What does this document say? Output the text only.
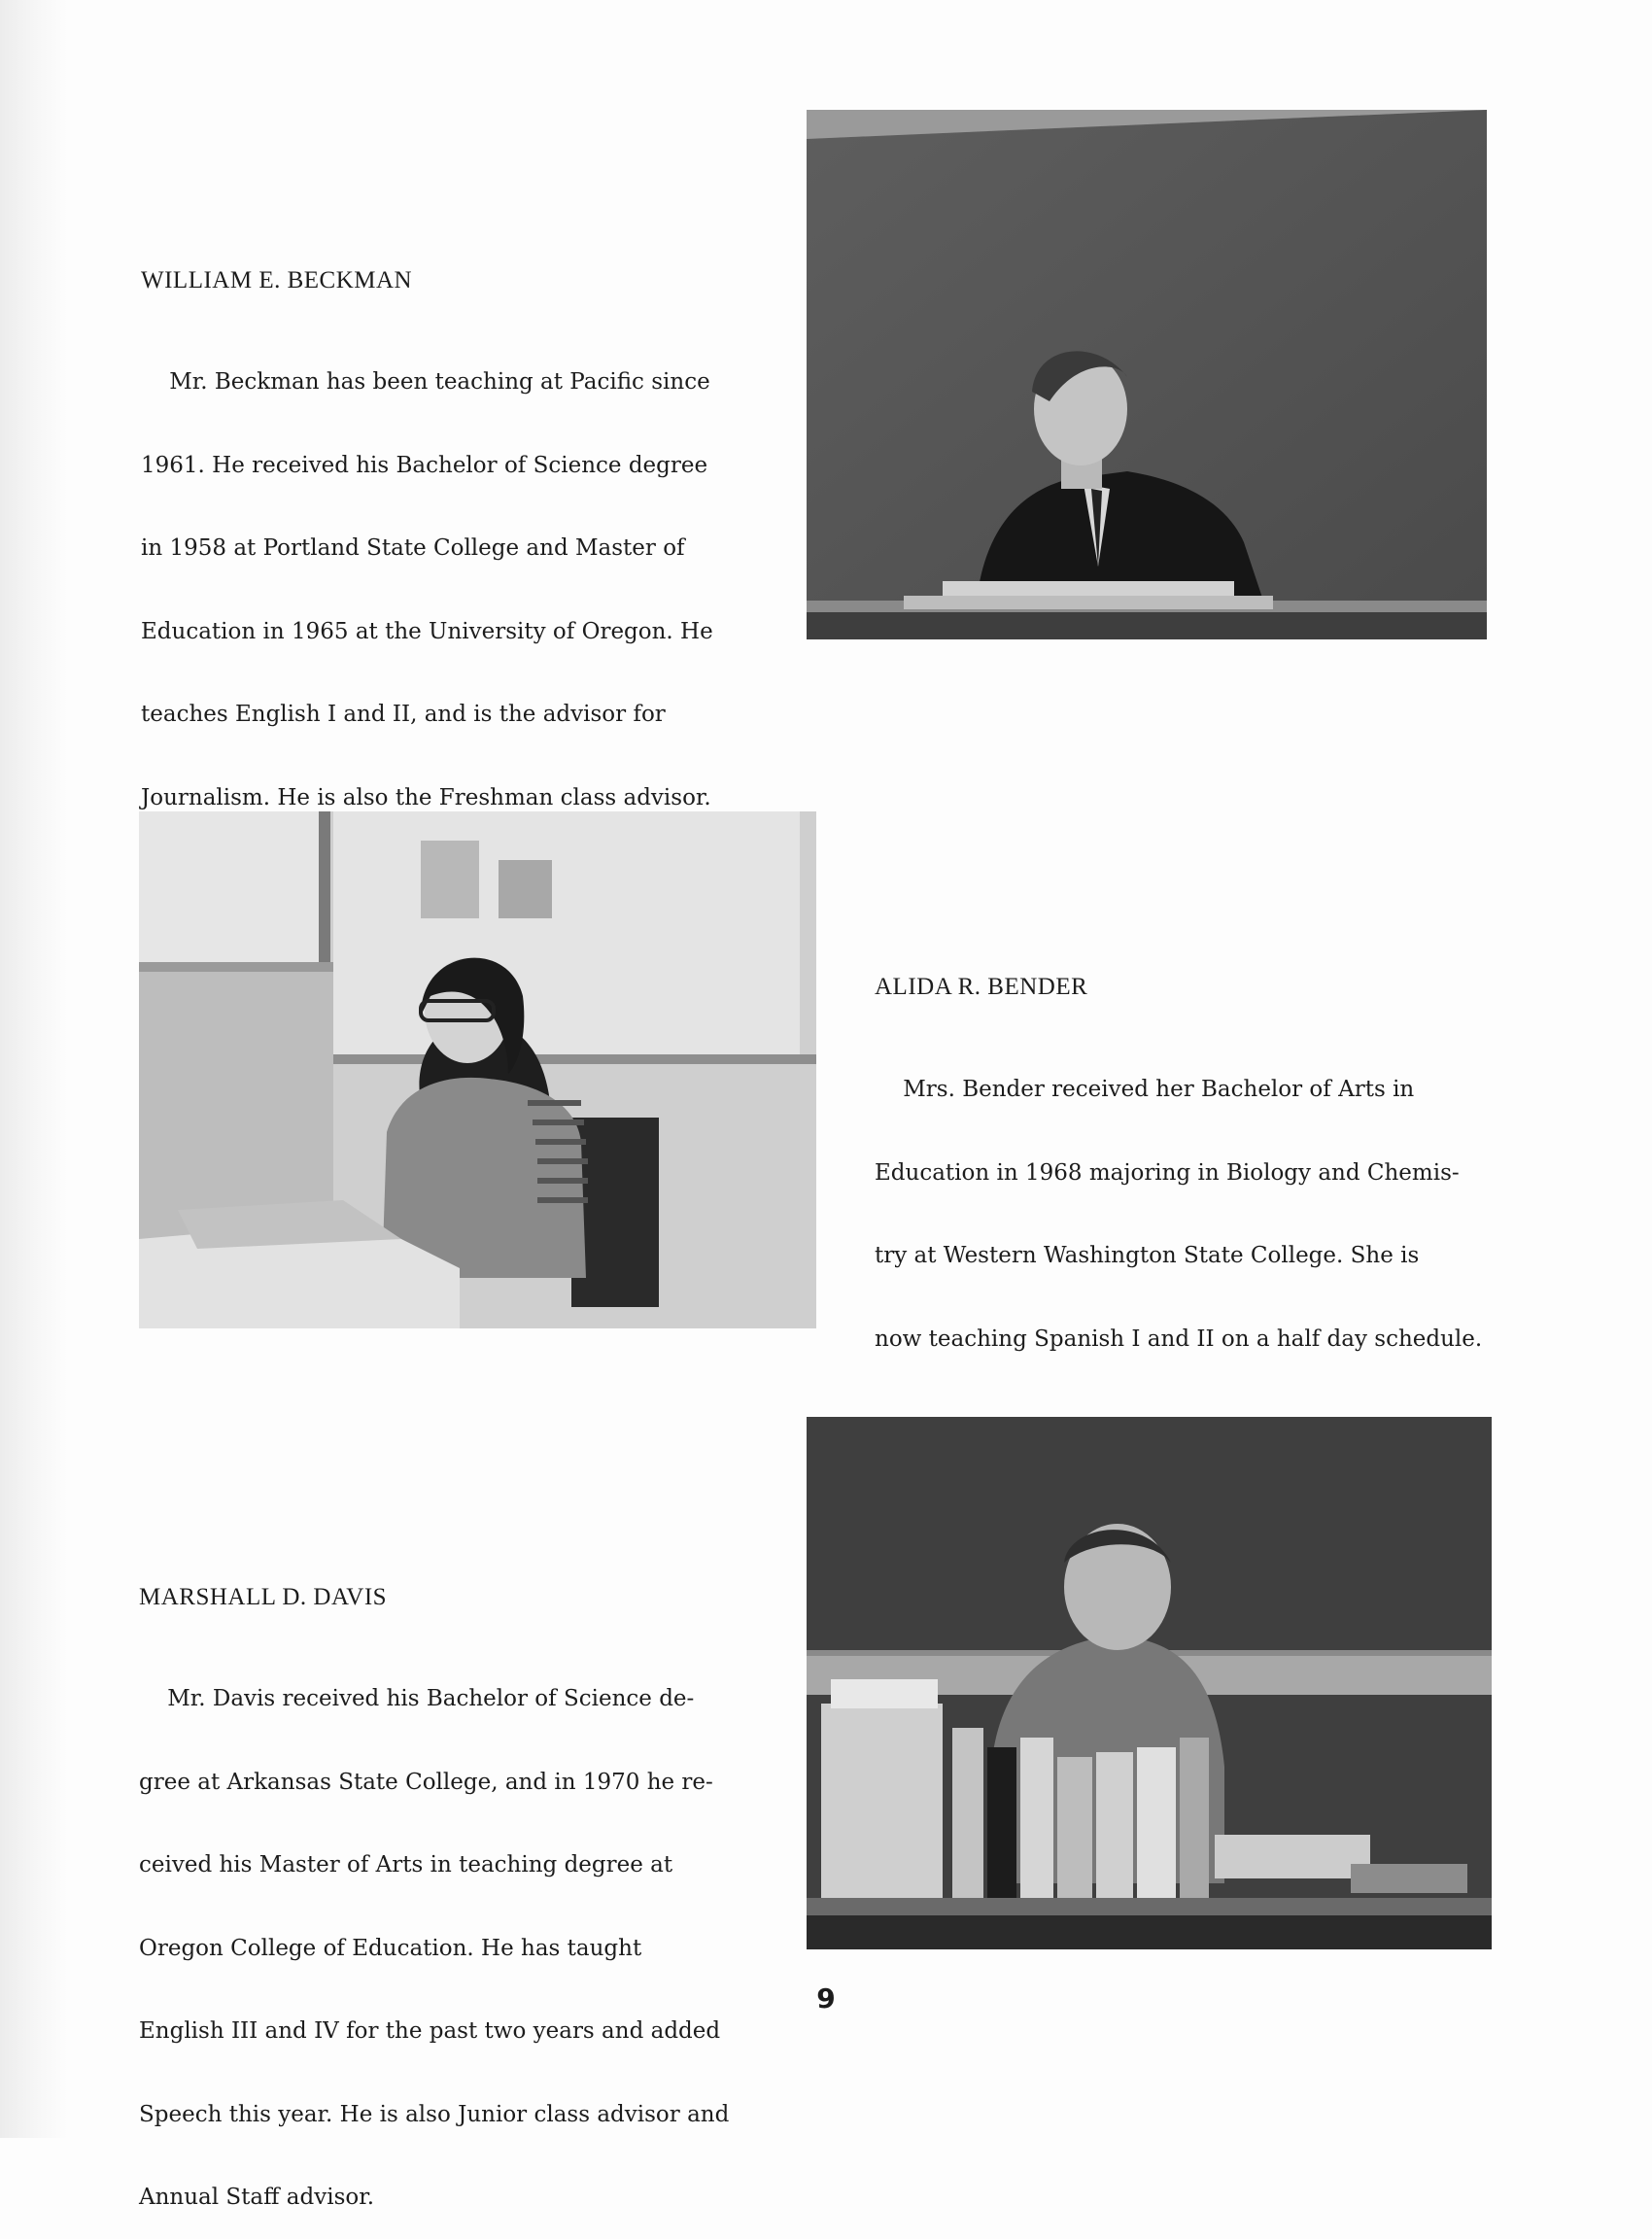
WILLIAM E. BECKMAN

Mr. Beckman has been teaching at Pacific since

1961. He received his Bachelor of Science degree

in 1958 at Portland State College and Master of

Education in 1965 at the University of Oregon. He

teaches English I and II, and is the advisor for

Journalism. He is also the Freshman class advisor.

ALIDA R. BENDER

Mrs. Bender received her Bachelor of Arts in

Education in 1968 majoring in Biology and Chemis-

try at Western Washington State College. She is

now teaching Spanish I and II on a half day schedule.

MARSHALL D. DAVIS

Mr. Davis received his Bachelor of Science de-

gree at Arkansas State College, and in 1970 he re-

ceived his Master of Arts in teaching degree at

Oregon College of Education. He has taught

English III and IV for the past two years and added

Speech this year. He is also Junior class advisor and

Annual Staff advisor.

9
